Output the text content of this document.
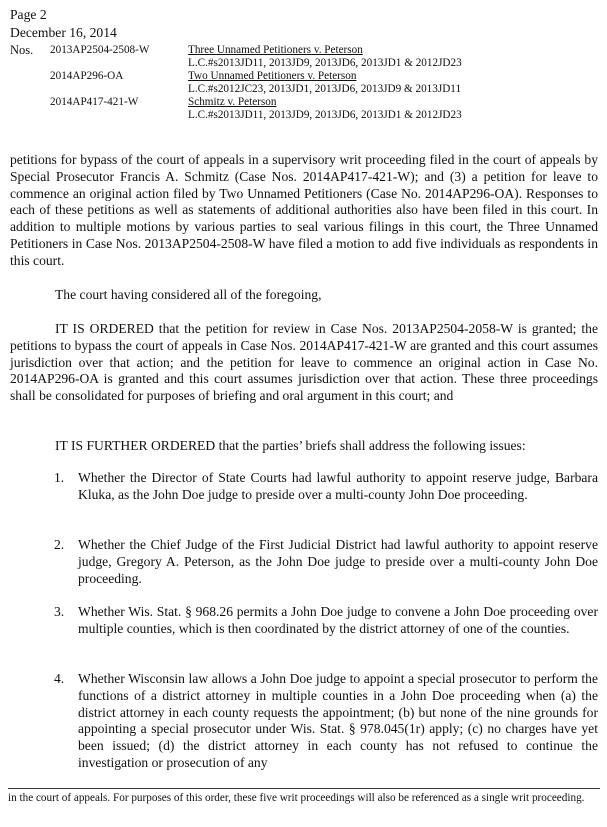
Page 2
December 16, 2014
Nos. 2013AP2504-2508-W	Three Unnamed Petitioners v. Peterson
L.C.#s2013JD11, 2013JD9, 2013JD6, 2013JD1 & 2012JD23
2014AP296-OA	Two Unnamed Petitioners v. Peterson
L.C.#s2012JC23, 2013JD1, 2013JD6, 2013JD9 & 2013JD11
2014AP417-421-W	Schmitz v. Peterson
L.C.#s2013JD11, 2013JD9, 2013JD6, 2013JD1 & 2012JD23

petitions for bypass of the court of appeals in a supervisory writ proceeding filed in the court of appeals by Special Prosecutor Francis A. Schmitz (Case Nos. 2014AP417-421-W); and (3) a petition for leave to commence an original action filed by Two Unnamed Petitioners (Case No. 2014AP296-OA). Responses to each of these petitions as well as statements of additional authorities also have been filed in this court. In addition to multiple motions by various parties to seal various filings in this court, the Three Unnamed Petitioners in Case Nos. 2013AP2504-2508-W have filed a motion to add five individuals as respondents in this court.

The court having considered all of the foregoing,

IT IS ORDERED that the petition for review in Case Nos. 2013AP2504-2058-W is granted; the petitions to bypass the court of appeals in Case Nos. 2014AP417-421-W are granted and this court assumes jurisdiction over that action; and the petition for leave to commence an original action in Case No. 2014AP296-OA is granted and this court assumes jurisdiction over that action. These three proceedings shall be consolidated for purposes of briefing and oral argument in this court; and

IT IS FURTHER ORDERED that the parties’ briefs shall address the following issues:

1. Whether the Director of State Courts had lawful authority to appoint reserve judge, Barbara Kluka, as the John Doe judge to preside over a multi-county John Doe proceeding.
2. Whether the Chief Judge of the First Judicial District had lawful authority to appoint reserve judge, Gregory A. Peterson, as the John Doe judge to preside over a multi-county John Doe proceeding.
3. Whether Wis. Stat. § 968.26 permits a John Doe judge to convene a John Doe proceeding over multiple counties, which is then coordinated by the district attorney of one of the counties.
4. Whether Wisconsin law allows a John Doe judge to appoint a special prosecutor to perform the functions of a district attorney in multiple counties in a John Doe proceeding when (a) the district attorney in each county requests the appointment; (b) but none of the nine grounds for appointing a special prosecutor under Wis. Stat. § 978.045(1r) apply; (c) no charges have yet been issued; (d) the district attorney in each county has not refused to continue the investigation or prosecution of any

in the court of appeals. For purposes of this order, these five writ proceedings will also be referenced as a single writ proceeding.
